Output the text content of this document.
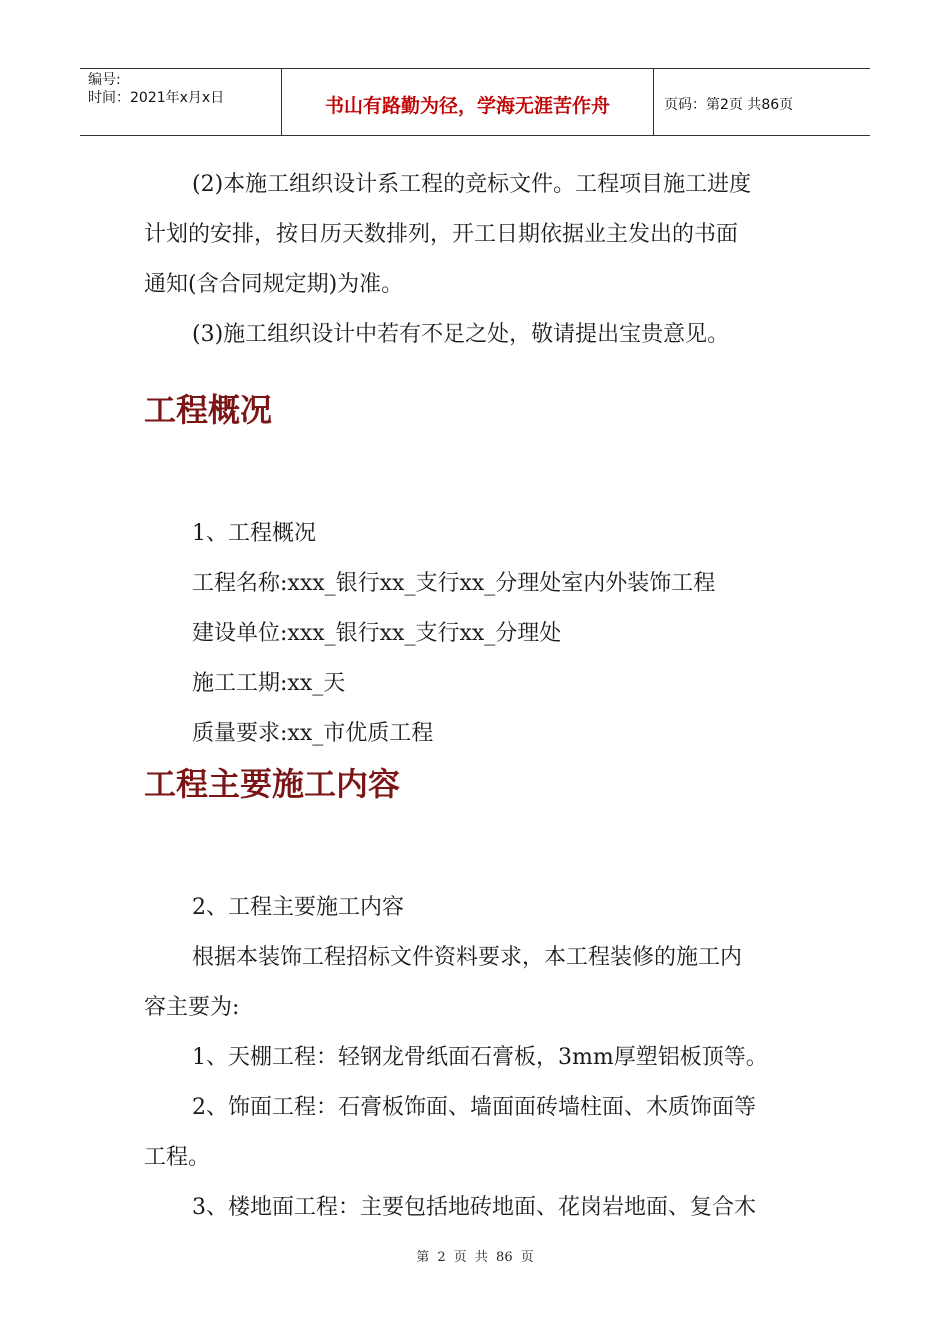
编号:
时间：2021年x月x日	书山有路勤为径，学海无涯苦作舟	页码：第2页 共86页
(2)本施工组织设计系工程的竞标文件。工程项目施工进度
计划的安排，按日历天数排列，开工日期依据业主发出的书面
通知(含合同规定期)为准。
(3)施工组织设计中若有不足之处，敬请提出宝贵意见。
工程概况
1、工程概况
工程名称:xxx_银行xx_支行xx_分理处室内外装饰工程
建设单位:xxx_银行xx_支行xx_分理处
施工工期:xx_天
质量要求:xx_市优质工程
工程主要施工内容
2、工程主要施工内容
根据本装饰工程招标文件资料要求，本工程装修的施工内
容主要为:
1、天棚工程：轻钢龙骨纸面石膏板，3mm厚塑铝板顶等。
2、饰面工程：石膏板饰面、墙面面砖墙柱面、木质饰面等
工程。
3、楼地面工程：主要包括地砖地面、花岗岩地面、复合木
第 2 页 共 86 页
